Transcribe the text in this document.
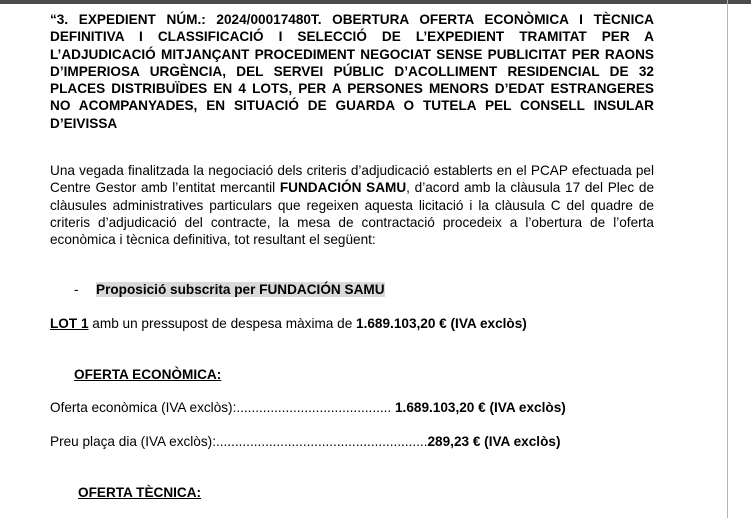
“3. EXPEDIENT NÚM.: 2024/00017480T. OBERTURA OFERTA ECONÒMICA I TÈCNICA DEFINITIVA I CLASSIFICACIÓ I SELECCIÓ DE L’EXPEDIENT TRAMITAT PER A L’ADJUDICACIÓ MITJANÇANT PROCEDIMENT NEGOCIAT SENSE PUBLICITAT PER RAONS D’IMPERIOSA URGÈNCIA, DEL SERVEI PÚBLIC D’ACOLLIMENT RESIDENCIAL DE 32 PLACES DISTRIBUÏDES EN 4 LOTS, PER A PERSONES MENORS D’EDAT ESTRANGERES NO ACOMPANYADES, EN SITUACIÓ DE GUARDA O TUTELA PEL CONSELL INSULAR D’EIVISSA

Una vegada finalitzada la negociació dels criteris d’adjudicació establerts en el PCAP efectuada pel Centre Gestor amb l’entitat mercantil FUNDACIÓN SAMU, d’acord amb la clàusula 17 del Plec de clàusules administratives particulars que regeixen aquesta licitació i la clàusula C del quadre de criteris d’adjudicació del contracte, la mesa de contractació procedeix a l’obertura de l’oferta econòmica i tècnica definitiva, tot resultant el següent:

- Proposició subscrita per FUNDACIÓN SAMU
LOT 1 amb un pressupost de despesa màxima de 1.689.103,20 € (IVA exclòs)
OFERTA ECONÒMICA:
Oferta econòmica (IVA exclòs):......................................... 1.689.103,20 € (IVA exclòs)
Preu plaça dia (IVA exclòs):........................................................289,23 € (IVA exclòs)
OFERTA TÈCNICA:
